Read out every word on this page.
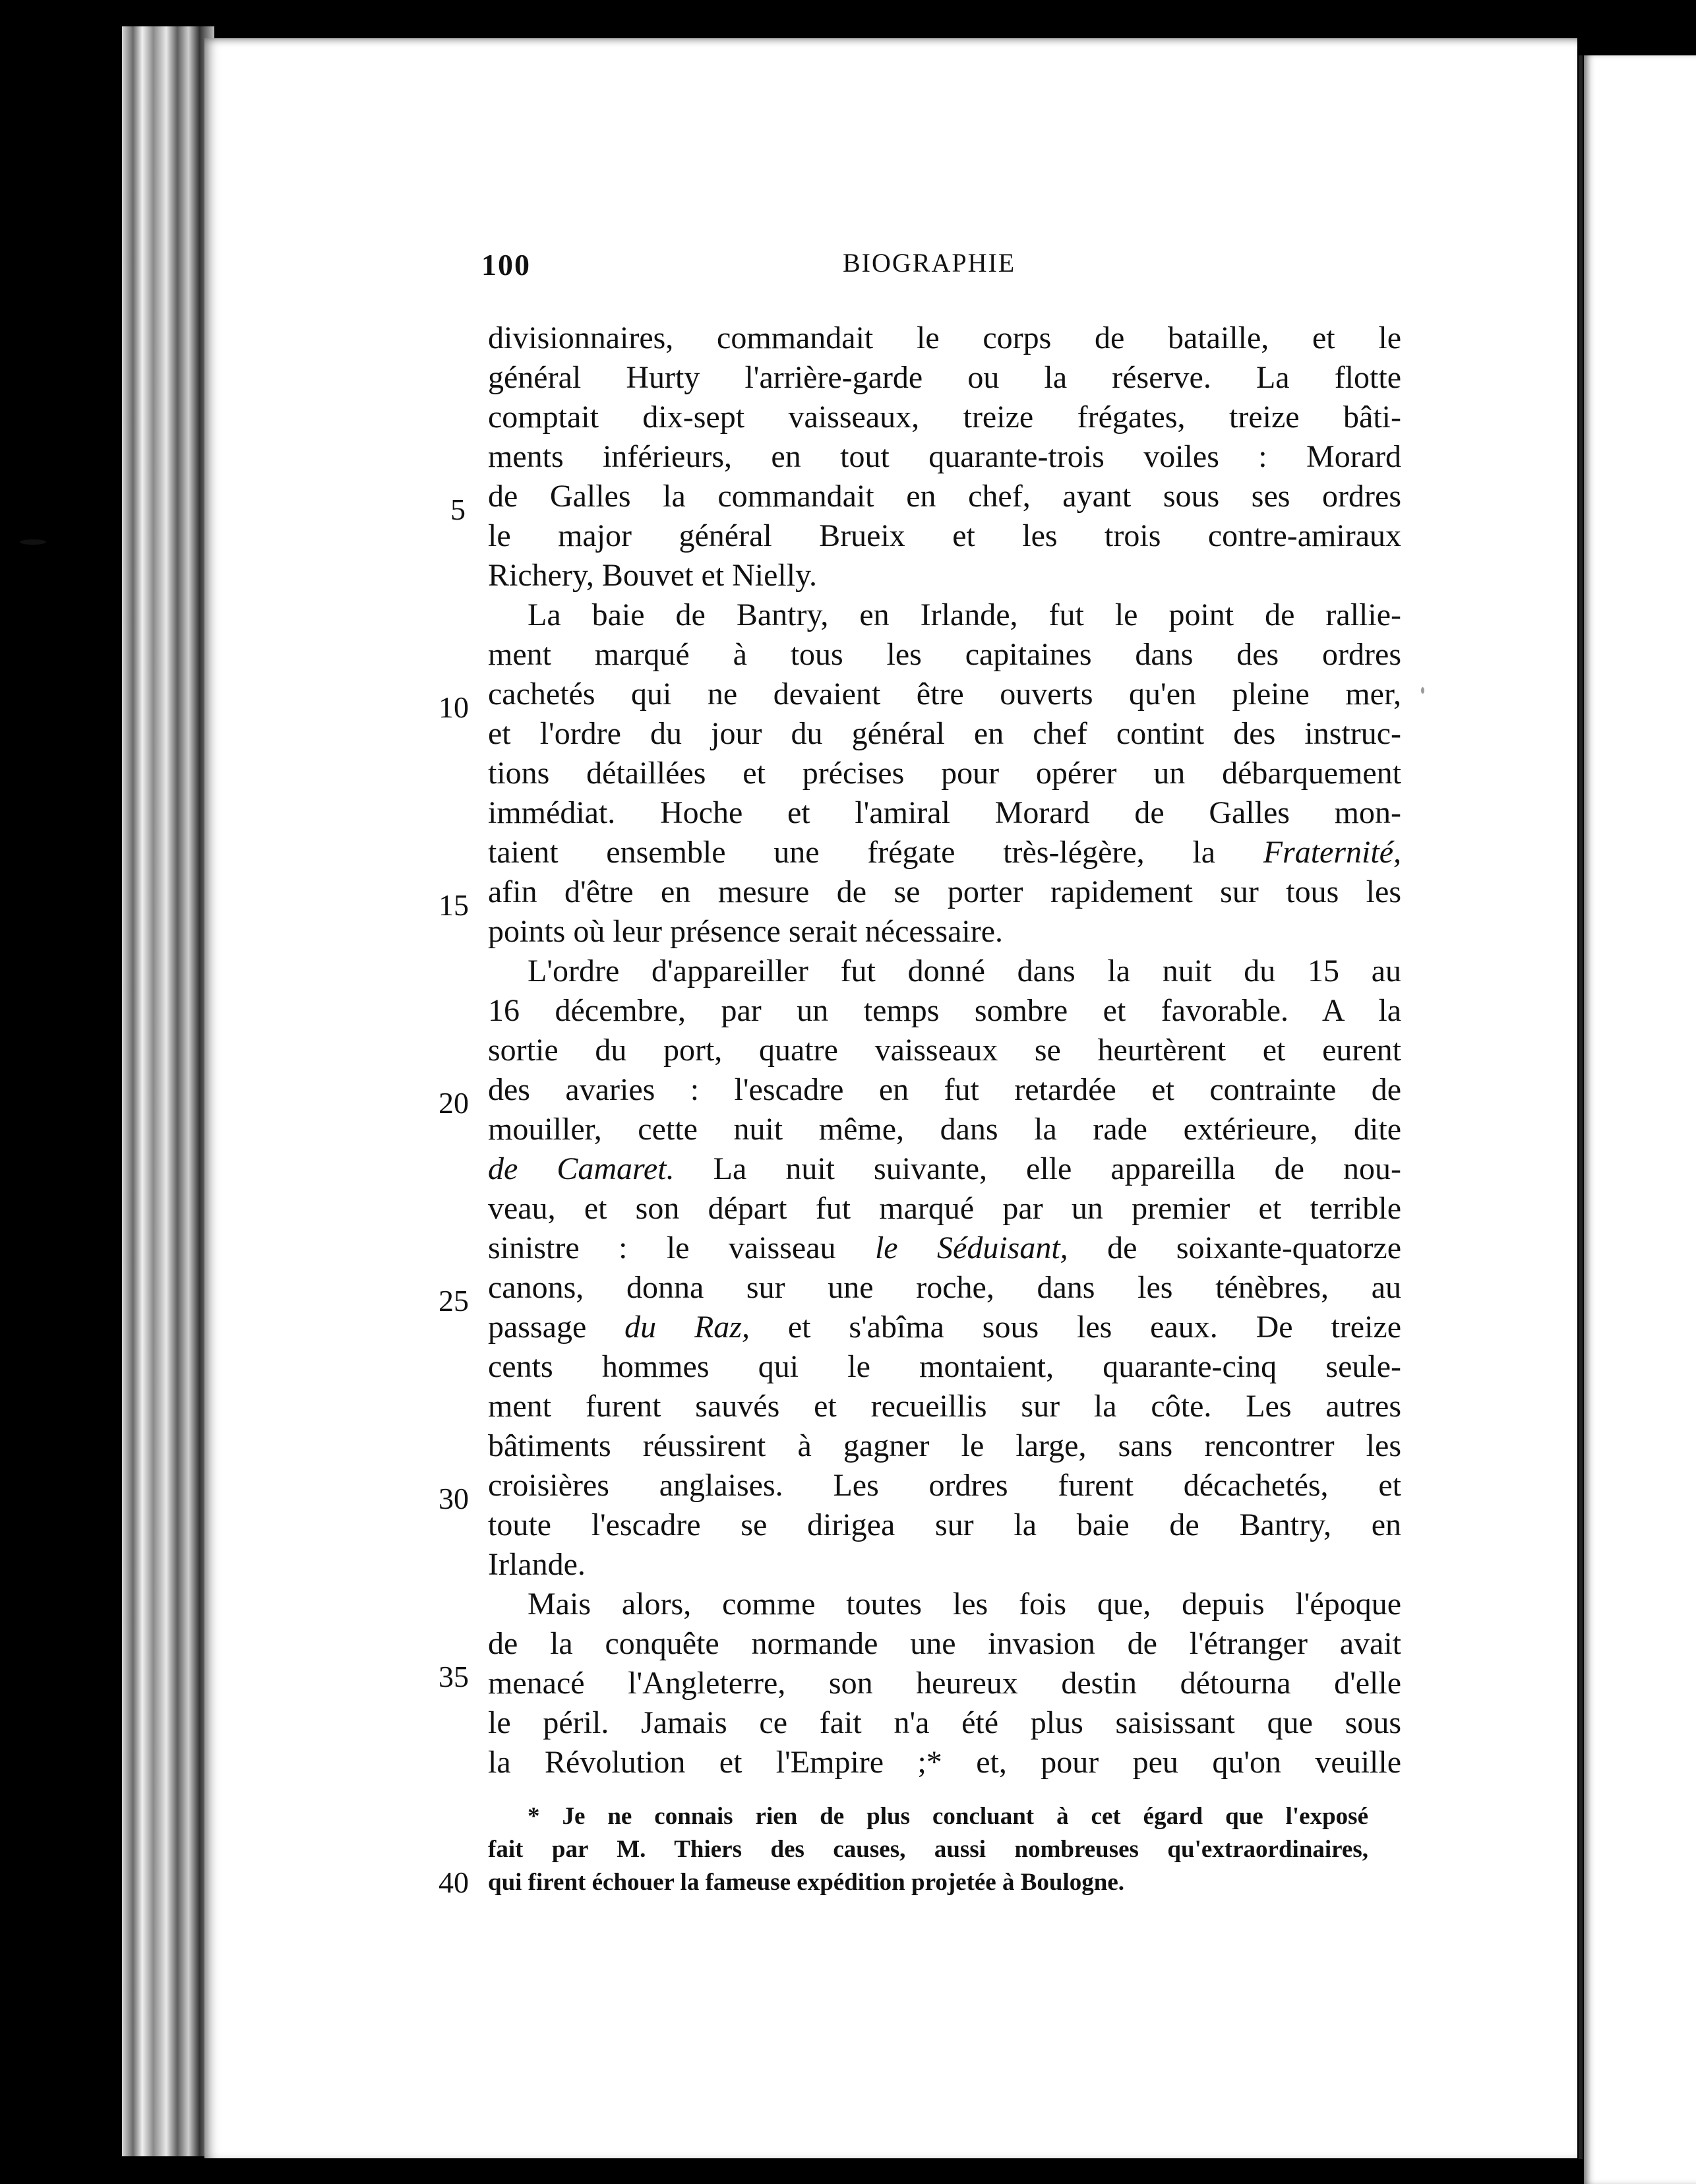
100	BIOGRAPHIE
divisionnaires, commandait le corps de bataille, et le
général Hurty l'arrière-garde ou la réserve. La flotte
comptait dix-sept vaisseaux, treize frégates, treize bâti-
ments inférieurs, en tout quarante-trois voiles : Morard
de Galles la commandait en chef, ayant sous ses ordres
le major général Brueix et les trois contre-amiraux
Richery, Bouvet et Nielly.
La baie de Bantry, en Irlande, fut le point de rallie-
ment marqué à tous les capitaines dans des ordres
cachetés qui ne devaient être ouverts qu'en pleine mer,
et l'ordre du jour du général en chef contint des instruc-
tions détaillées et précises pour opérer un débarquement
immédiat. Hoche et l'amiral Morard de Galles mon-
taient ensemble une frégate très-légère, la Fraternité,
afin d'être en mesure de se porter rapidement sur tous les
points où leur présence serait nécessaire.
L'ordre d'appareiller fut donné dans la nuit du 15 au
16 décembre, par un temps sombre et favorable. A la
sortie du port, quatre vaisseaux se heurtèrent et eurent
des avaries : l'escadre en fut retardée et contrainte de
mouiller, cette nuit même, dans la rade extérieure, dite
de Camaret. La nuit suivante, elle appareilla de nou-
veau, et son départ fut marqué par un premier et terrible
sinistre : le vaisseau le Séduisant, de soixante-quatorze
canons, donna sur une roche, dans les ténèbres, au
passage du Raz, et s'abîma sous les eaux. De treize
cents hommes qui le montaient, quarante-cinq seule-
ment furent sauvés et recueillis sur la côte. Les autres
bâtiments réussirent à gagner le large, sans rencontrer les
croisières anglaises. Les ordres furent décachetés, et
toute l'escadre se dirigea sur la baie de Bantry, en
Irlande.
Mais alors, comme toutes les fois que, depuis l'époque
de la conquête normande une invasion de l'étranger avait
menacé l'Angleterre, son heureux destin détourna d'elle
le péril. Jamais ce fait n'a été plus saisissant que sous
la Révolution et l'Empire ;* et, pour peu qu'on veuille
* Je ne connais rien de plus concluant à cet égard que l'exposé
fait par M. Thiers des causes, aussi nombreuses qu'extraordinaires,
qui firent échouer la fameuse expédition projetée à Boulogne.
5
10
15
20
25
30
35
40
